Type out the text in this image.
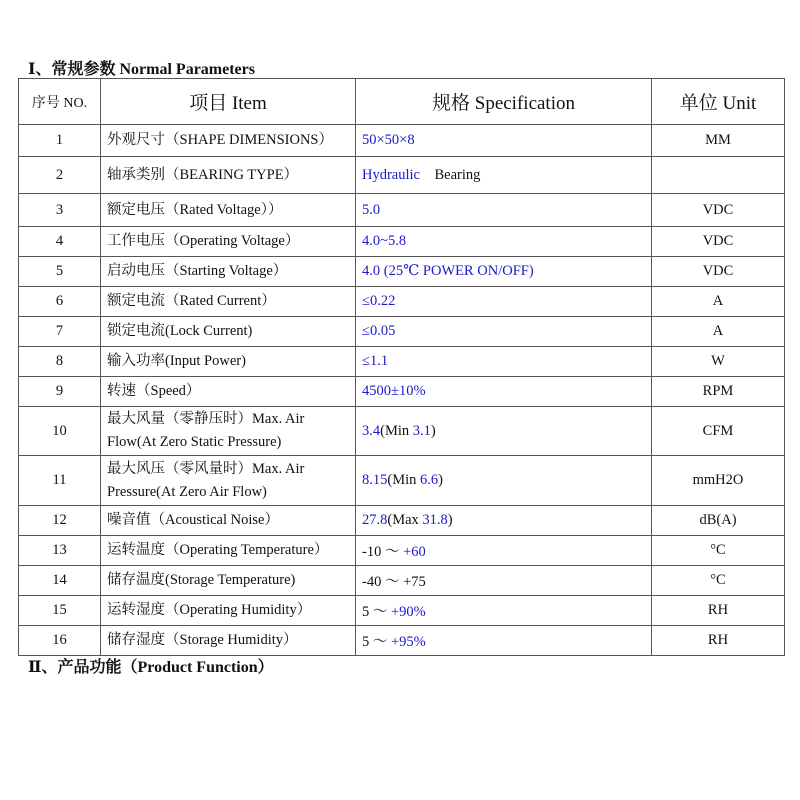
Ⅰ、常规参数 Normal Parameters
序号 NO.	项目 Item	规格 Specification	单位 Unit
1	外观尺寸（SHAPE DIMENSIONS）	50×50×8	MM
2	轴承类别（BEARING TYPE）	Hydraulic Bearing	
3	额定电压（Rated Voltage））	5.0	VDC
4	工作电压（Operating Voltage）	4.0~5.8	VDC
5	启动电压（Starting Voltage）	4.0 (25℃ POWER ON/OFF)	VDC
6	额定电流（Rated Current）	≤0.22	A
7	锁定电流(Lock Current)	≤0.05	A
8	输入功率(Input Power)	≤1.1	W
9	转速（Speed）	4500±10%	RPM
10	最大风量（零静压时）Max. Air Flow(At Zero Static Pressure)	3.4(Min 3.1)	CFM
11	最大风压（零风量时）Max. Air Pressure(At Zero Air Flow)	8.15(Min 6.6)	mmH2O
12	噪音值（Acoustical Noise）	27.8(Max 31.8)	dB(A)
13	运转温度（Operating Temperature）	-10 ～ +60	°C
14	储存温度(Storage Temperature)	-40 ～ +75	°C
15	运转湿度（Operating Humidity）	5 ～ +90%	RH
16	储存湿度（Storage Humidity）	5 ～ +95%	RH
Ⅱ、产品功能（Product Function）
